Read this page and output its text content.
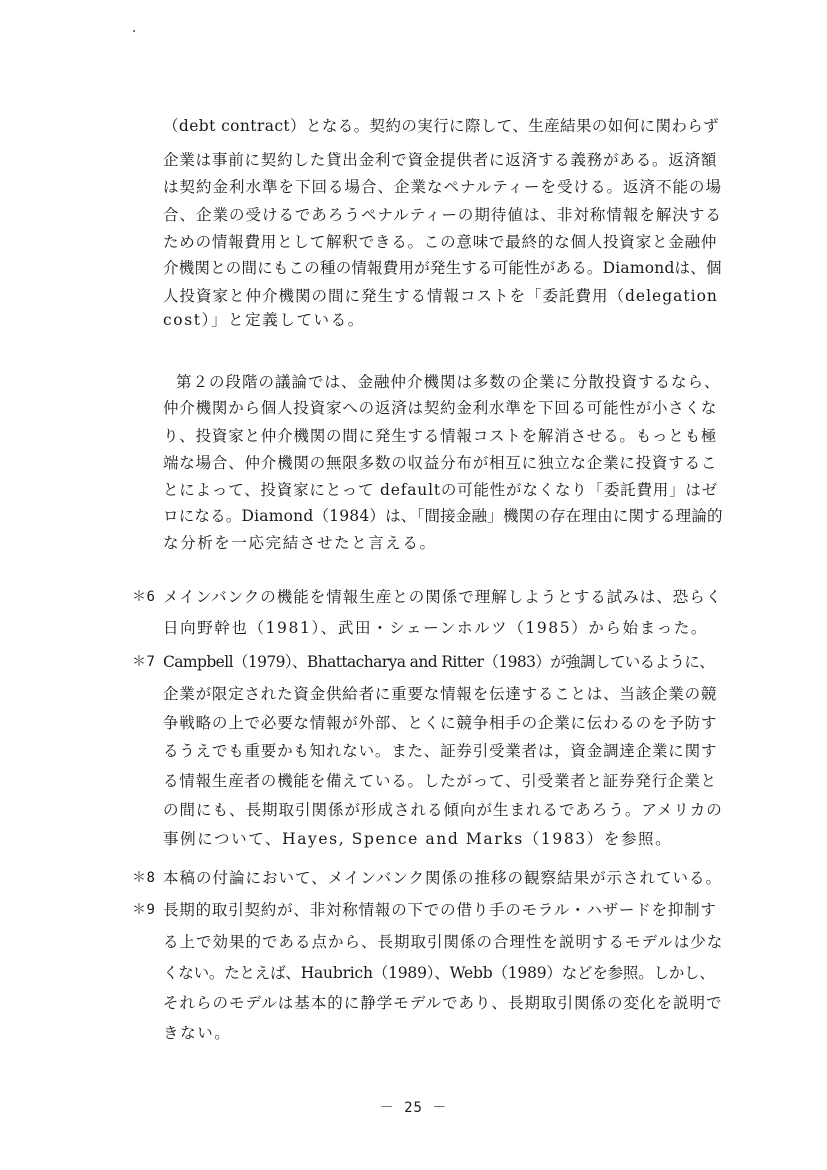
（debt contract）となる。契約の実行に際して、生産結果の如何に関わらず
企業は事前に契約した貸出金利で資金提供者に返済する義務がある。返済額
は契約金利水準を下回る場合、企業なペナルティーを受ける。返済不能の場
合、企業の受けるであろうペナルティーの期待値は、非対称情報を解決する
ための情報費用として解釈できる。この意味で最終的な個人投資家と金融仲
介機関との間にもこの種の情報費用が発生する可能性がある。Diamondは、個
人投資家と仲介機関の間に発生する情報コストを「委託費用（delegation
cost）」と定義している。
第２の段階の議論では、金融仲介機関は多数の企業に分散投資するなら、
仲介機関から個人投資家への返済は契約金利水準を下回る可能性が小さくな
り、投資家と仲介機関の間に発生する情報コストを解消させる。もっとも極
端な場合、仲介機関の無限多数の収益分布が相互に独立な企業に投資するこ
とによって、投資家にとって defaultの可能性がなくなり「委託費用」はゼ
ロになる。Diamond（1984）は、「間接金融」機関の存在理由に関する理論的
な分析を一応完結させたと言える。
＊6 メインバンクの機能を情報生産との関係で理解しようとする試みは、恐らく
日向野幹也（1981）、武田・シェーンホルツ（1985）から始まった。
＊7 Campbell（1979）、Bhattacharya and Ritter（1983）が強調しているように、
企業が限定された資金供給者に重要な情報を伝達することは、当該企業の競
争戦略の上で必要な情報が外部、とくに競争相手の企業に伝わるのを予防す
るうえでも重要かも知れない。また、証券引受業者は，資金調達企業に関す
る情報生産者の機能を備えている。したがって、引受業者と証券発行企業と
の間にも、長期取引関係が形成される傾向が生まれるであろう。アメリカの
事例について、Hayes, Spence and Marks（1983）を参照。
＊8 本稿の付論において、メインバンク関係の推移の観察結果が示されている。
＊9 長期的取引契約が、非対称情報の下での借り手のモラル・ハザードを抑制す
る上で効果的である点から、長期取引関係の合理性を説明するモデルは少な
くない。たとえば、Haubrich（1989）、Webb（1989）などを参照。しかし、
それらのモデルは基本的に静学モデルであり、長期取引関係の変化を説明で
きない。
－ 25 －
